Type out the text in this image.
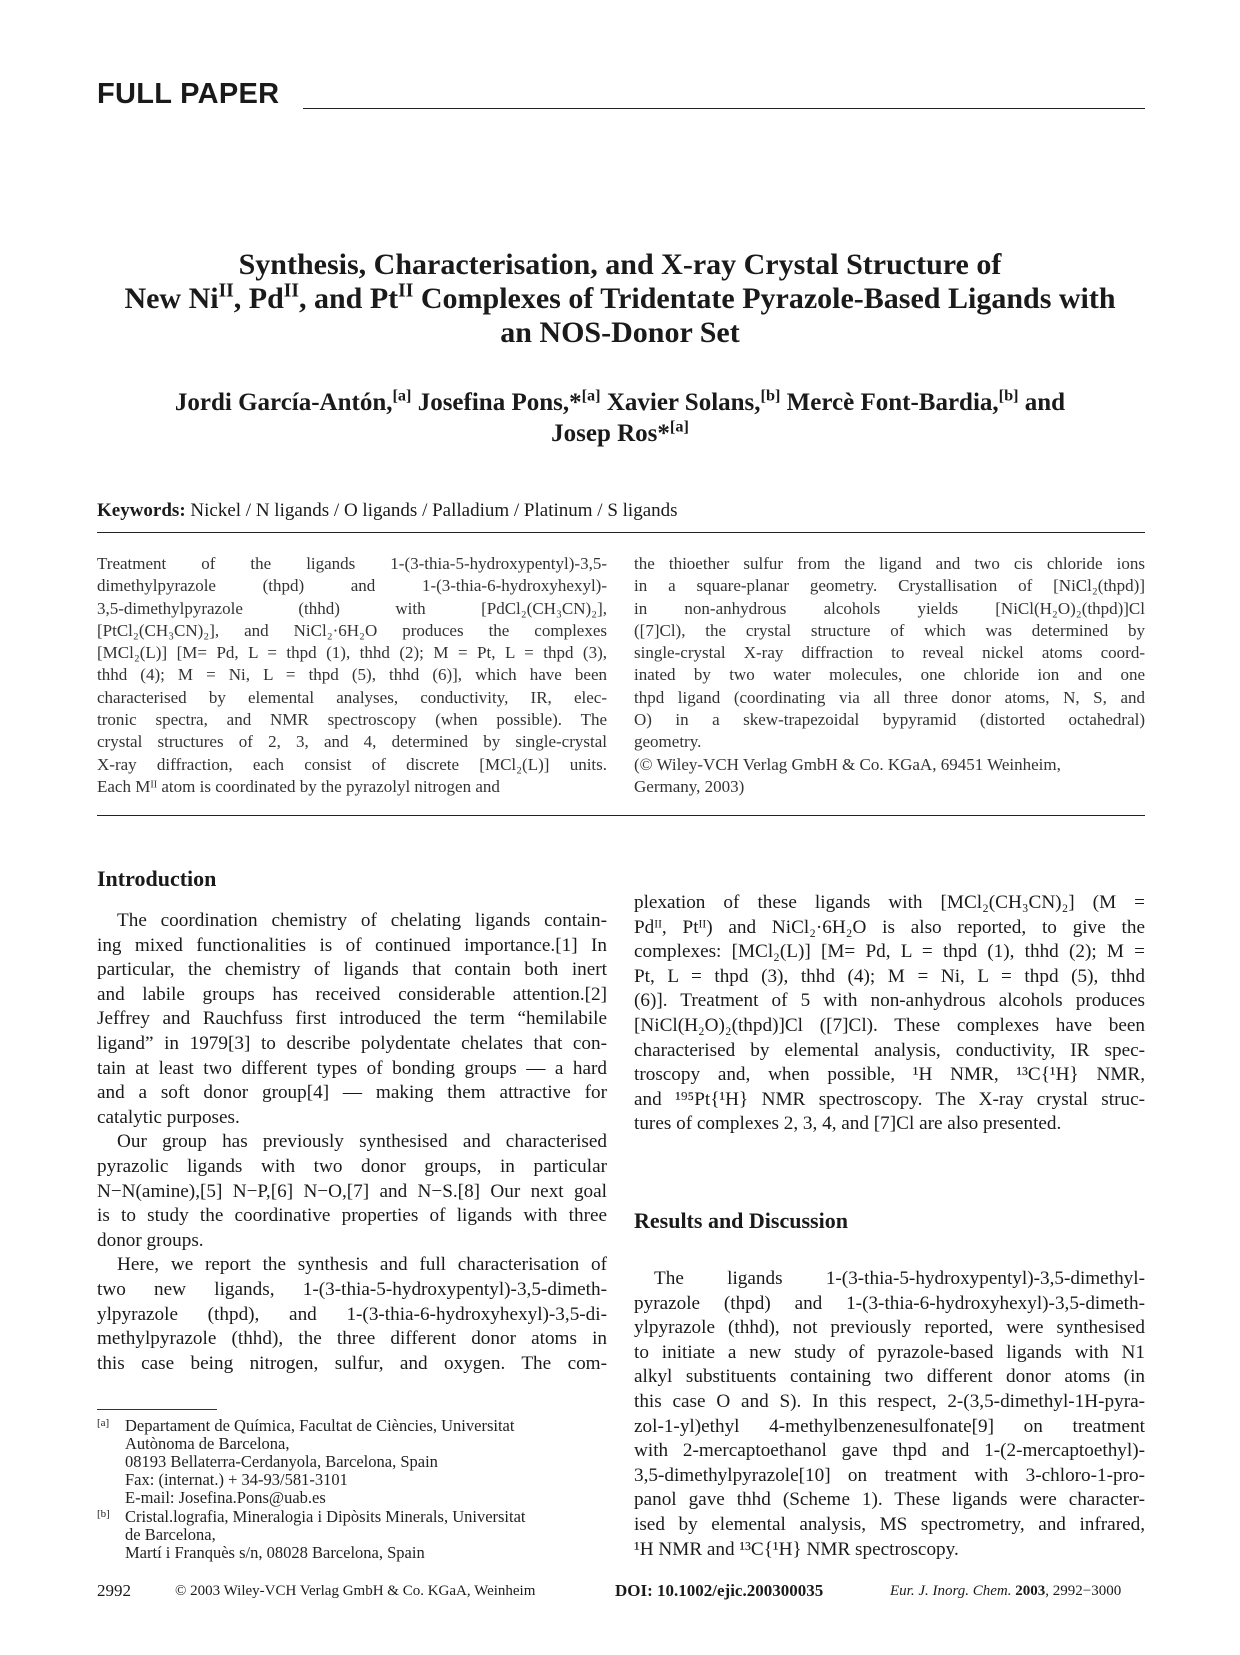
FULL PAPER
Synthesis, Characterisation, and X-ray Crystal Structure of
New $Ni^{II}$, $Pd^{II}$, and $Pt^{II}$ Complexes of Tridentate Pyrazole-Based Ligands with
an NOS-Donor Set
Jordi García-Antón,[a] Josefina Pons,*[a] Xavier Solans,[b] Mercè Font-Bardia,[b] and
Josep Ros*[a]
Keywords: Nickel / N ligands / O ligands / Palladium / Platinum / S ligands
Treatment of the ligands 1-(3-thia-5-hydroxypentyl)-3,5-
dimethylpyrazole (thpd) and 1-(3-thia-6-hydroxyhexyl)-
3,5-dimethylpyrazole (thhd) with [PdCl₂(CH₃CN)₂],
[PtCl₂(CH₃CN)₂], and NiCl₂·6H₂O produces the complexes
[MCl₂(L)] [M= Pd, L = thpd (1), thhd (2); M = Pt, L = thpd (3),
thhd (4); M = Ni, L = thpd (5), thhd (6)], which have been
characterised by elemental analyses, conductivity, IR, elec-
tronic spectra, and NMR spectroscopy (when possible). The
crystal structures of 2, 3, and 4, determined by single-crystal
X-ray diffraction, each consist of discrete [MCl₂(L)] units.
Each Mᴵᴵ atom is coordinated by the pyrazolyl nitrogen and
the thioether sulfur from the ligand and two cis chloride ions
in a square-planar geometry. Crystallisation of [NiCl₂(thpd)]
in non-anhydrous alcohols yields [NiCl(H₂O)₂(thpd)]Cl
([7]Cl), the crystal structure of which was determined by
single-crystal X-ray diffraction to reveal nickel atoms coord-
inated by two water molecules, one chloride ion and one
thpd ligand (coordinating via all three donor atoms, N, S, and
O) in a skew-trapezoidal bypyramid (distorted octahedral)
geometry.
(© Wiley-VCH Verlag GmbH & Co. KGaA, 69451 Weinheim,
Germany, 2003)
Introduction
The coordination chemistry of chelating ligands contain-
ing mixed functionalities is of continued importance.[1] In
particular, the chemistry of ligands that contain both inert
and labile groups has received considerable attention.[2]
Jeffrey and Rauchfuss first introduced the term “hemilabile
ligand” in 1979[3] to describe polydentate chelates that con-
tain at least two different types of bonding groups — a hard
and a soft donor group[4] — making them attractive for
catalytic purposes.
Our group has previously synthesised and characterised
pyrazolic ligands with two donor groups, in particular
N−N(amine),[5] N−P,[6] N−O,[7] and N−S.[8] Our next goal
is to study the coordinative properties of ligands with three
donor groups.
Here, we report the synthesis and full characterisation of
two new ligands, 1-(3-thia-5-hydroxypentyl)-3,5-dimeth-
ylpyrazole (thpd), and 1-(3-thia-6-hydroxyhexyl)-3,5-di-
methylpyrazole (thhd), the three different donor atoms in
this case being nitrogen, sulfur, and oxygen. The com-
plexation of these ligands with [MCl₂(CH₃CN)₂] (M =
Pdᴵᴵ, Ptᴵᴵ) and NiCl₂·6H₂O is also reported, to give the
complexes: [MCl₂(L)] [M= Pd, L = thpd (1), thhd (2); M =
Pt, L = thpd (3), thhd (4); M = Ni, L = thpd (5), thhd
(6)]. Treatment of 5 with non-anhydrous alcohols produces
[NiCl(H₂O)₂(thpd)]Cl ([7]Cl). These complexes have been
characterised by elemental analysis, conductivity, IR spec-
troscopy and, when possible, ¹H NMR, ¹³C{¹H} NMR,
and ¹⁹⁵Pt{¹H} NMR spectroscopy. The X-ray crystal struc-
tures of complexes 2, 3, 4, and [7]Cl are also presented.
Results and Discussion
The ligands 1-(3-thia-5-hydroxypentyl)-3,5-dimethyl-
pyrazole (thpd) and 1-(3-thia-6-hydroxyhexyl)-3,5-dimeth-
ylpyrazole (thhd), not previously reported, were synthesised
to initiate a new study of pyrazole-based ligands with N1
alkyl substituents containing two different donor atoms (in
this case O and S). In this respect, 2-(3,5-dimethyl-1H-pyra-
zol-1-yl)ethyl 4-methylbenzenesulfonate[9] on treatment
with 2-mercaptoethanol gave thpd and 1-(2-mercaptoethyl)-
3,5-dimethylpyrazole[10] on treatment with 3-chloro-1-pro-
panol gave thhd (Scheme 1). These ligands were character-
ised by elemental analysis, MS spectrometry, and infrared,
¹H NMR and ¹³C{¹H} NMR spectroscopy.
[a] Departament de Química, Facultat de Ciències, Universitat
Autònoma de Barcelona,
08193 Bellaterra-Cerdanyola, Barcelona, Spain
Fax: (internat.) + 34-93/581-3101
E-mail: Josefina.Pons@uab.es
[b] Cristal.lografia, Mineralogia i Dipòsits Minerals, Universitat
de Barcelona,
Martí i Franquès s/n, 08028 Barcelona, Spain
2992	© 2003 Wiley-VCH Verlag GmbH & Co. KGaA, Weinheim	DOI: 10.1002/ejic.200300035	Eur. J. Inorg. Chem. 2003, 2992−3000
